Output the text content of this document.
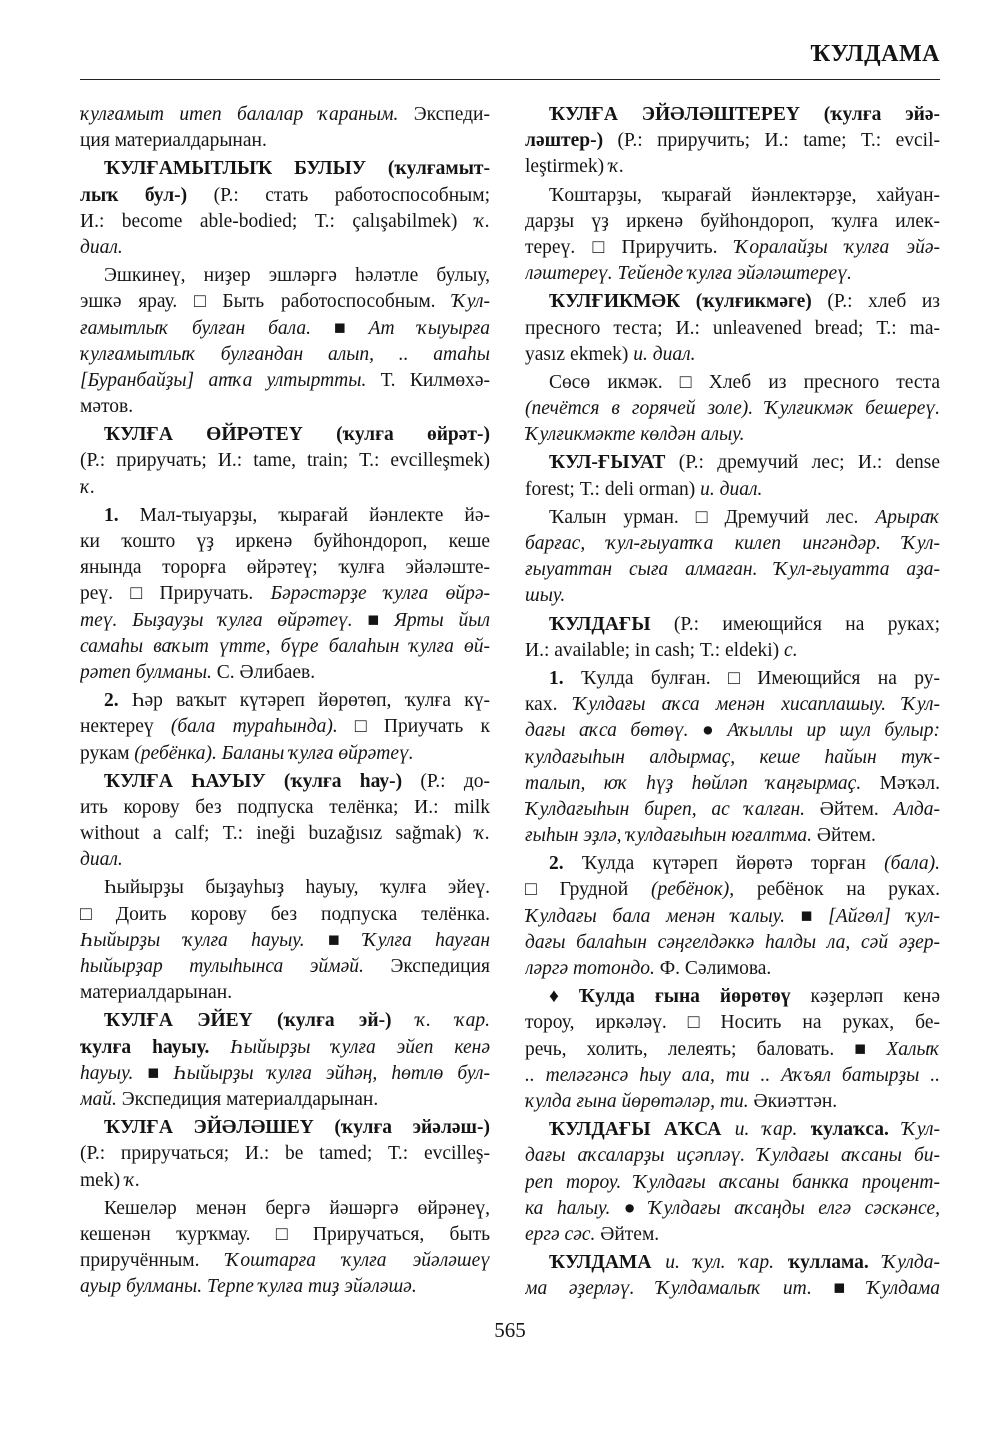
ҠУЛДАМА
ҡулғамыт итеп балалар ҡараным. Экспеди-
ция материалдарынан.
ҠУЛҒАМЫТЛЫҠ БУЛЫУ (ҡулғамыт-
лыҡ бул-) (Р.: стать работоспособным;
И.: become able-bodied; Т.: çalışabilmek) ҡ.
диал.
Эшкинеү, ниҙер эшләргә һәләтле булыу,
эшкә ярау. □ Быть работоспособным. Ҡул-
ғамытлыҡ булған бала. ■ Ат ҡыуырға
ҡулғамытлыҡ булғандан алып, .. атаһы
[Буранбайҙы] атҡа ултыртты. Т. Килмөхә-
мәтов.
ҠУЛҒА ӨЙРӘТЕҮ (ҡулға өйрәт-)
(Р.: приручать; И.: tame, train; Т.: evcilleşmek)
ҡ.
1. Мал-тыуарҙы, ҡырағай йәнлекте йә-
ки ҡошто үҙ иркенә буйһондороп, кеше
янында торорға өйрәтеү; ҡулға эйәләште-
реү. □ Приручать. Бәрәстәрҙе ҡулға өйрә-
теү. Быҙауҙы ҡулға өйрәтеү. ■ Ярты йыл
самаһы ваҡыт үтте, бүре балаһын ҡулға өй-
рәтеп булманы. С. Әлибаев.
2. Һәр ваҡыт күтәреп йөрөтөп, ҡулға кү-
нектереү (бала тураһында). □ Приучать к
рукам (ребёнка). Баланы ҡулға өйрәтеү.
ҠУЛҒА ҺАУЫУ (ҡулға һау-) (Р.: до-
ить корову без подпуска телёнка; И.: milk
without a calf; Т.: ineği buzağısız sağmak) ҡ.
диал.
Һыйырҙы быҙауһыҙ һауыу, ҡулға эйеү.
□ Доить корову без подпуска телёнка.
Һыйырҙы ҡулға һауыу. ■ Ҡулға һауған
һыйырҙар тулыһынса эймәй. Экспедиция
материалдарынан.
ҠУЛҒА ЭЙЕҮ (ҡулға эй-) ҡ. ҡар.
ҡулға һауыу. Һыйырҙы ҡулға эйеп кенә
һауыу. ■ Һыйырҙы ҡулға эйһәң, һөтлө бул-
май. Экспедиция материалдарынан.
ҠУЛҒА ЭЙӘЛӘШЕҮ (ҡулға эйәләш-)
(Р.: приручаться; И.: be tamed; Т.: evcilleş-
mek) ҡ.
Кешеләр менән бергә йәшәргә өйрәнеү,
кешенән ҡурҡмау. □ Приручаться, быть
приручённым. Ҡоштарға ҡулға эйәләшеү
ауыр булманы. Терпе ҡулға тиҙ эйәләшә.
ҠУЛҒА ЭЙӘЛӘШТЕРЕҮ (ҡулға эйә-
ләштер-) (Р.: приручить; И.: tame; Т.: evcil-
leştirmek) ҡ.
Ҡоштарҙы, ҡырағай йәнлектәрҙе, хайуан-
дарҙы үҙ иркенә буйһондороп, ҡулға илек-
тереү. □ Приручить. Ҡоралайҙы ҡулға эйә-
ләштереү. Тейенде ҡулға эйәләштереү.
ҠУЛҒИКМӘК (ҡулғикмәге) (Р.: хлеб из
пресного теста; И.: unleavened bread; Т.: ma-
yasız ekmek) и. диал.
Сөсө икмәк. □ Хлеб из пресного теста
(печётся в горячей золе). Ҡулғикмәк бешереү.
Ҡулғикмәкте көлдән алыу.
ҠУЛ-ҒЫУАТ (Р.: дремучий лес; И.: dense
forest; Т.: deli orman) и. диал.
Ҡалын урман. □ Дремучий лес. Арыраҡ
барғас, ҡул-ғыуатҡа килеп ингәндәр. Ҡул-
ғыуаттан сыға алмаған. Ҡул-ғыуатта аҙа-
шыу.
ҠУЛДАҒЫ (Р.: имеющийся на руках;
И.: available; in cash; Т.: eldeki) с.
1. Ҡулда булған. □ Имеющийся на ру-
ках. Ҡулдағы аҡса менән хисаплашыу. Ҡул-
дағы аҡса бөтөү. ● Аҡыллы ир шул булыр:
ҡулдағыһын алдырмаҫ, кеше һайын туҡ-
талып, юҡ һүҙ һөйләп ҡаңғырмаҫ. Мәҡәл.
Ҡулдағыһын биреп, ас ҡалған. Әйтем. Алда-
ғыһын эҙлә, ҡулдағыһын юғалтма. Әйтем.
2. Ҡулда күтәреп йөрөтә торған (бала).
□ Грудной (ребёнок), ребёнок на руках.
Ҡулдағы бала менән ҡалыу. ■ [Айгөл] ҡул-
дағы балаһын сәңгелдәккә һалды ла, сәй әҙер-
ләргә тотондо. Ф. Сәлимова.
♦ Ҡулда ғына йөрөтөү кәҙерләп кенә
тороу, иркәләү. □ Носить на руках, бе-
речь, холить, лелеять; баловать. ■ Халыҡ
.. теләгәнсә һыу ала, ти .. Аҡъял батырҙы ..
ҡулда ғына йөрөтәләр, ти. Әкиәттән.
ҠУЛДАҒЫ АҠСА и. ҡар. ҡулаҡса. Ҡул-
дағы аҡсаларҙы иҫәпләү. Ҡулдағы аҡсаны би-
реп тороу. Ҡулдағы аҡсаны банкка процент-
ка һалыу. ● Ҡулдағы аҡсаңды елгә сәскәнсе,
ергә сәс. Әйтем.
ҠУЛДАМА и. ҡул. ҡар. ҡуллама. Ҡулда-
ма әҙерләү. Ҡулдамалыҡ ит. ■ Ҡулдама
565
